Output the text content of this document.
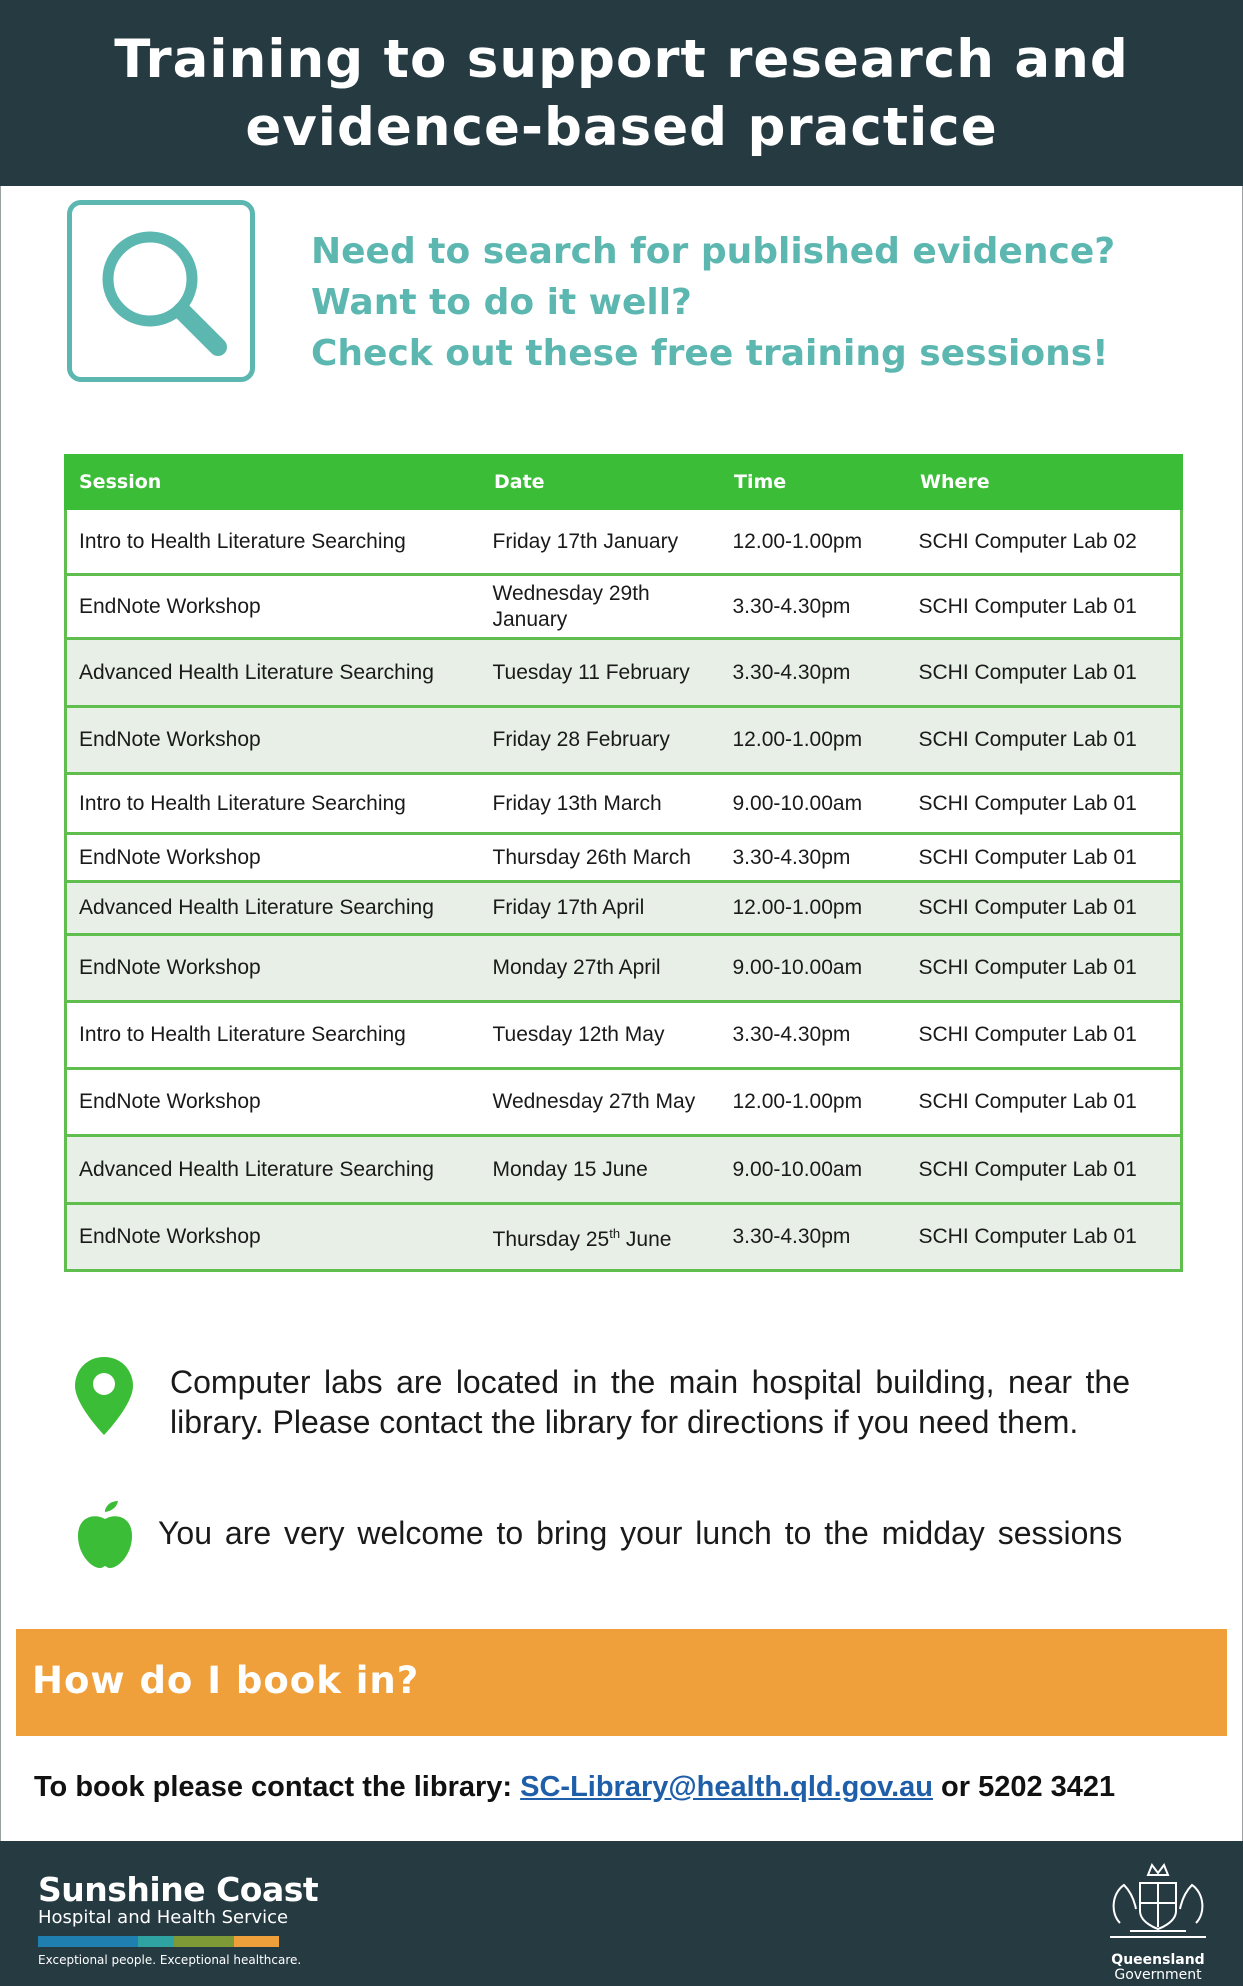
Training to support research and
evidence-based practice
Need to search for published evidence?
Want to do it well?
Check out these free training sessions!
Session	Date	Time	Where
Intro to Health Literature Searching	Friday 17th January	12.00-1.00pm	SCHI Computer Lab 02
EndNote Workshop	Wednesday 29th January	3.30-4.30pm	SCHI Computer Lab 01
Advanced Health Literature Searching	Tuesday 11 February	3.30-4.30pm	SCHI Computer Lab 01
EndNote Workshop	Friday 28 February	12.00-1.00pm	SCHI Computer Lab 01
Intro to Health Literature Searching	Friday 13th March	9.00-10.00am	SCHI Computer Lab 01
EndNote Workshop	Thursday 26th March	3.30-4.30pm	SCHI Computer Lab 01
Advanced Health Literature Searching	Friday 17th April	12.00-1.00pm	SCHI Computer Lab 01
EndNote Workshop	Monday 27th April	9.00-10.00am	SCHI Computer Lab 01
Intro to Health Literature Searching	Tuesday 12th May	3.30-4.30pm	SCHI Computer Lab 01
EndNote Workshop	Wednesday 27th May	12.00-1.00pm	SCHI Computer Lab 01
Advanced Health Literature Searching	Monday 15 June	9.00-10.00am	SCHI Computer Lab 01
EndNote Workshop	Thursday 25th June	3.30-4.30pm	SCHI Computer Lab 01
Computer labs are located in the main hospital building, near the library. Please contact the library for directions if you need them.
You are very welcome to bring your lunch to the midday sessions
How do I book in?
To book please contact the library: SC-Library@health.qld.gov.au or 5202 3421
Sunshine Coast
Hospital and Health Service
Exceptional people. Exceptional healthcare.	Queensland
Government
